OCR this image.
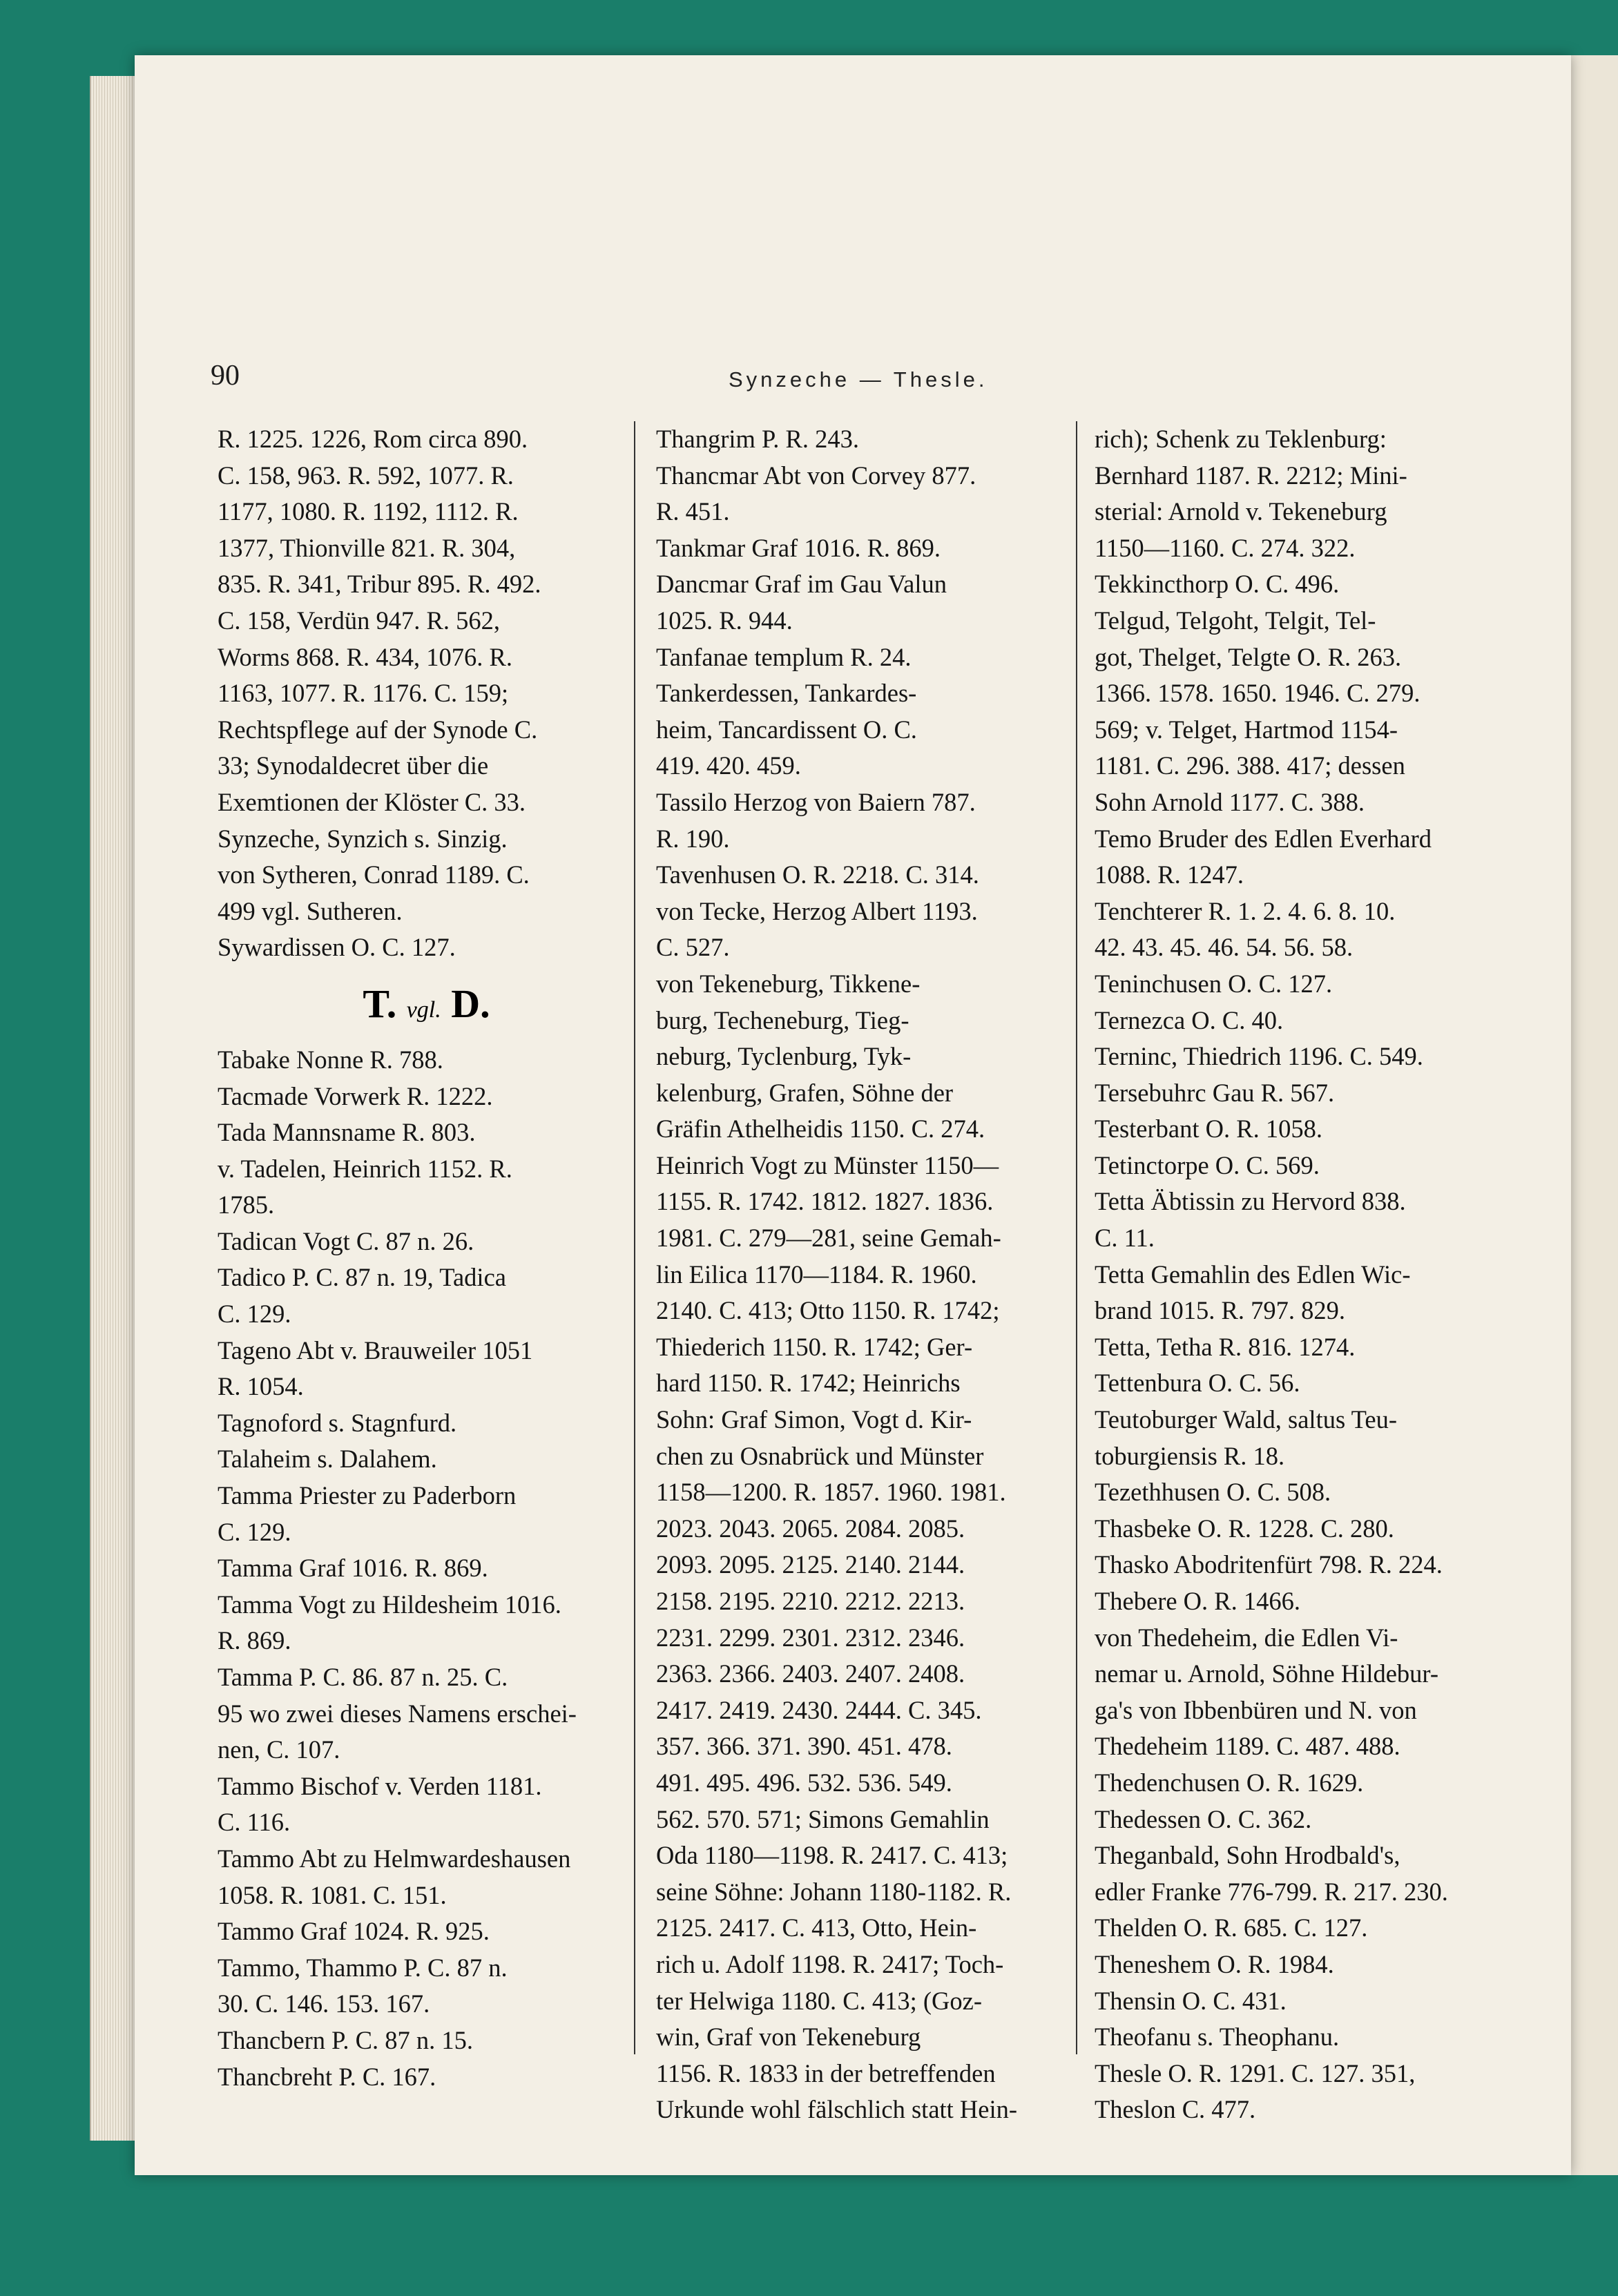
90	Synzeche — Thesle.
R. 1225. 1226, Rom circa 890.
C. 158, 963. R. 592, 1077. R.
1177, 1080. R. 1192, 1112. R.
1377, Thionville 821. R. 304,
835. R. 341, Tribur 895. R. 492.
C. 158, Verdün 947. R. 562,
Worms 868. R. 434, 1076. R.
1163, 1077. R. 1176. C. 159;
Rechtspflege auf der Synode C.
33; Synodaldecret über die
Exemtionen der Klöster C. 33.
Synzeche, Synzich s. Sinzig.
von Sytheren, Conrad 1189. C.
499 vgl. Sutheren.
Sywardissen O. C. 127.
T. vgl. D.
Tabake Nonne R. 788.
Tacmade Vorwerk R. 1222.
Tada Mannsname R. 803.
v. Tadelen, Heinrich 1152. R.
1785.
Tadican Vogt C. 87 n. 26.
Tadico P. C. 87 n. 19, Tadica
C. 129.
Tageno Abt v. Brauweiler 1051
R. 1054.
Tagnoford s. Stagnfurd.
Talaheim s. Dalahem.
Tamma Priester zu Paderborn
C. 129.
Tamma Graf 1016. R. 869.
Tamma Vogt zu Hildesheim 1016.
R. 869.
Tamma P. C. 86. 87 n. 25. C.
95 wo zwei dieses Namens erschei-
nen, C. 107.
Tammo Bischof v. Verden 1181.
C. 116.
Tammo Abt zu Helmwardeshausen
1058. R. 1081. C. 151.
Tammo Graf 1024. R. 925.
Tammo, Thammo P. C. 87 n.
30. C. 146. 153. 167.
Thancbern P. C. 87 n. 15.
Thancbreht P. C. 167.
Thangrim P. R. 243.
Thancmar Abt von Corvey 877.
R. 451.
Tankmar Graf 1016. R. 869.
Dancmar Graf im Gau Valun
1025. R. 944.
Tanfanae templum R. 24.
Tankerdessen, Tankardes-
heim, Tancardissent O. C.
419. 420. 459.
Tassilo Herzog von Baiern 787.
R. 190.
Tavenhusen O. R. 2218. C. 314.
von Tecke, Herzog Albert 1193.
C. 527.
von Tekeneburg, Tikkene-
burg, Techeneburg, Tieg-
neburg, Tyclenburg, Tyk-
kelenburg, Grafen, Söhne der
Gräfin Athelheidis 1150. C. 274.
Heinrich Vogt zu Münster 1150—
1155. R. 1742. 1812. 1827. 1836.
1981. C. 279—281, seine Gemah-
lin Eilica 1170—1184. R. 1960.
2140. C. 413; Otto 1150. R. 1742;
Thiederich 1150. R. 1742; Ger-
hard 1150. R. 1742; Heinrichs
Sohn: Graf Simon, Vogt d. Kir-
chen zu Osnabrück und Münster
1158—1200. R. 1857. 1960. 1981.
2023. 2043. 2065. 2084. 2085.
2093. 2095. 2125. 2140. 2144.
2158. 2195. 2210. 2212. 2213.
2231. 2299. 2301. 2312. 2346.
2363. 2366. 2403. 2407. 2408.
2417. 2419. 2430. 2444. C. 345.
357. 366. 371. 390. 451. 478.
491. 495. 496. 532. 536. 549.
562. 570. 571; Simons Gemahlin
Oda 1180—1198. R. 2417. C. 413;
seine Söhne: Johann 1180-1182. R.
2125. 2417. C. 413, Otto, Hein-
rich u. Adolf 1198. R. 2417; Toch-
ter Helwiga 1180. C. 413; (Goz-
win, Graf von Tekeneburg
1156. R. 1833 in der betreffenden
Urkunde wohl fälschlich statt Hein-
rich); Schenk zu Teklenburg:
Bernhard 1187. R. 2212; Mini-
sterial: Arnold v. Tekeneburg
1150—1160. C. 274. 322.
Tekkincthorp O. C. 496.
Telgud, Telgoht, Telgit, Tel-
got, Thelget, Telgte O. R. 263.
1366. 1578. 1650. 1946. C. 279.
569; v. Telget, Hartmod 1154-
1181. C. 296. 388. 417; dessen
Sohn Arnold 1177. C. 388.
Temo Bruder des Edlen Everhard
1088. R. 1247.
Tenchterer R. 1. 2. 4. 6. 8. 10.
42. 43. 45. 46. 54. 56. 58.
Teninchusen O. C. 127.
Ternezca O. C. 40.
Terninc, Thiedrich 1196. C. 549.
Tersebuhrc Gau R. 567.
Testerbant O. R. 1058.
Tetinctorpe O. C. 569.
Tetta Äbtissin zu Hervord 838.
C. 11.
Tetta Gemahlin des Edlen Wic-
brand 1015. R. 797. 829.
Tetta, Tetha R. 816. 1274.
Tettenbura O. C. 56.
Teutoburger Wald, saltus Teu-
toburgiensis R. 18.
Tezethhusen O. C. 508.
Thasbeke O. R. 1228. C. 280.
Thasko Abodritenfürt 798. R. 224.
Thebere O. R. 1466.
von Thedeheim, die Edlen Vi-
nemar u. Arnold, Söhne Hildebur-
ga's von Ibbenbüren und N. von
Thedeheim 1189. C. 487. 488.
Thedenchusen O. R. 1629.
Thedessen O. C. 362.
Theganbald, Sohn Hrodbald's,
edler Franke 776-799. R. 217. 230.
Thelden O. R. 685. C. 127.
Theneshem O. R. 1984.
Thensin O. C. 431.
Theofanu s. Theophanu.
Thesle O. R. 1291. C. 127. 351,
Theslon C. 477.
